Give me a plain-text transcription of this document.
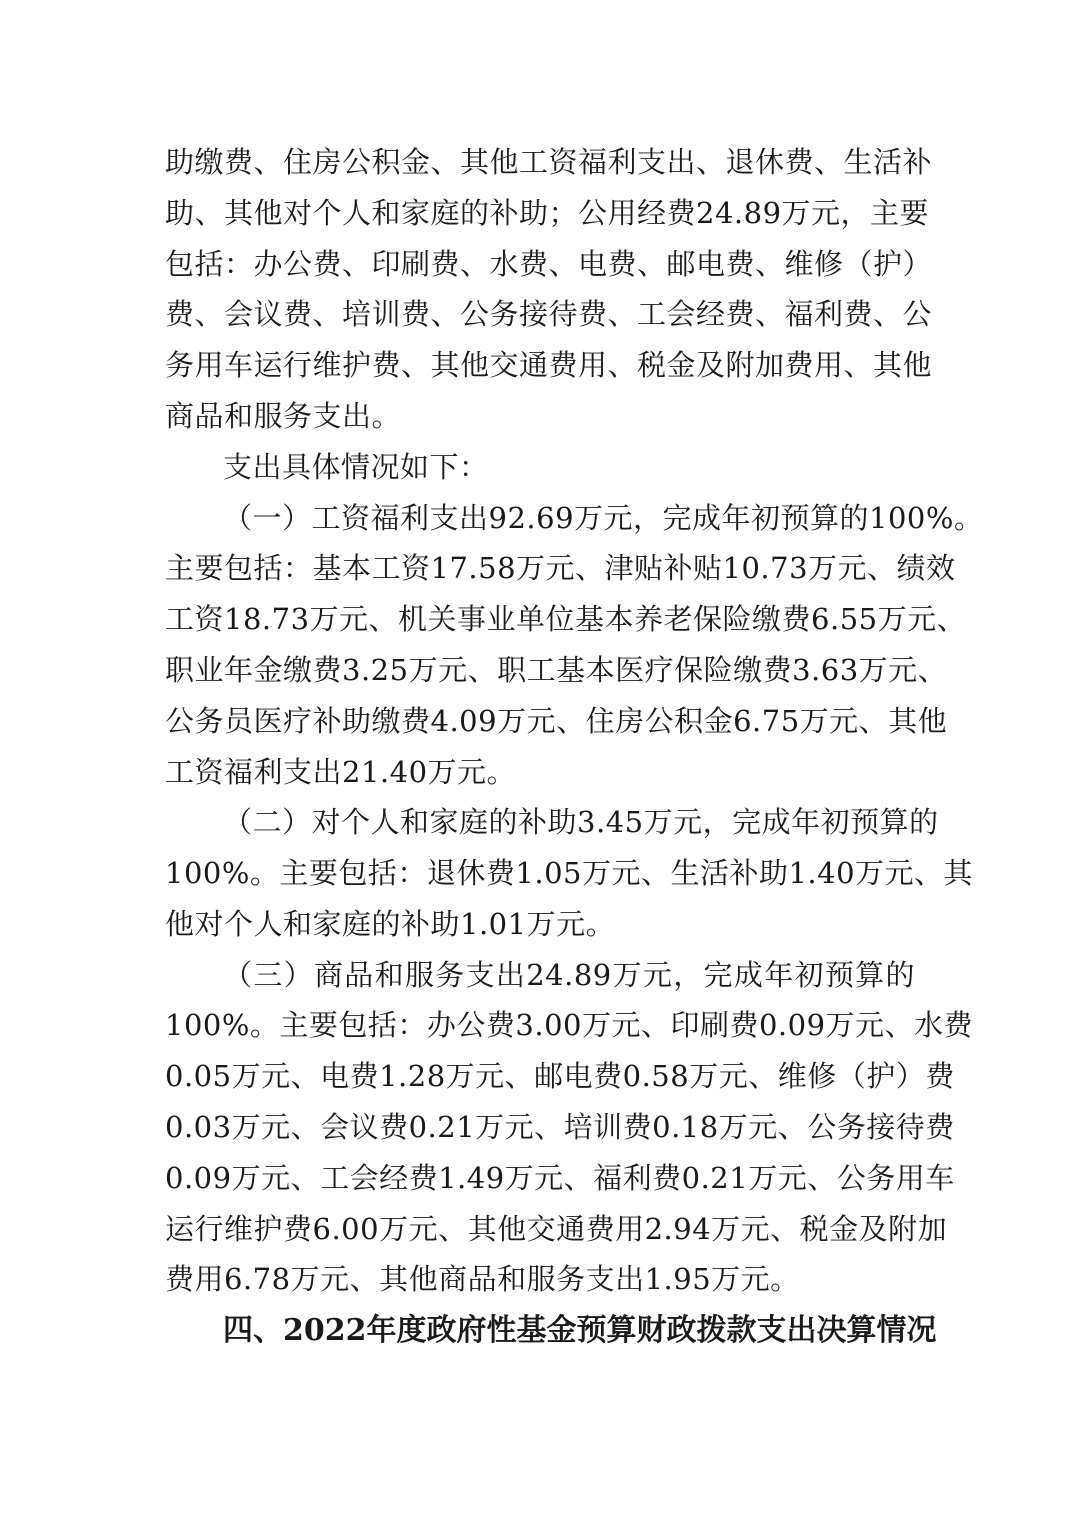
助缴费、住房公积金、其他工资福利支出、退休费、生活补
助、其他对个人和家庭的补助；公用经费24.89万元，主要
包括：办公费、印刷费、水费、电费、邮电费、维修（护）
费、会议费、培训费、公务接待费、工会经费、福利费、公
务用车运行维护费、其他交通费用、税金及附加费用、其他
商品和服务支出。
支出具体情况如下：
（一）工资福利支出92.69万元，完成年初预算的100%。
主要包括：基本工资17.58万元、津贴补贴10.73万元、绩效
工资18.73万元、机关事业单位基本养老保险缴费6.55万元、
职业年金缴费3.25万元、职工基本医疗保险缴费3.63万元、
公务员医疗补助缴费4.09万元、住房公积金6.75万元、其他
工资福利支出21.40万元。
（二）对个人和家庭的补助3.45万元，完成年初预算的
100%。主要包括：退休费1.05万元、生活补助1.40万元、其
他对个人和家庭的补助1.01万元。
（三）商品和服务支出24.89万元，完成年初预算的
100%。主要包括：办公费3.00万元、印刷费0.09万元、水费
0.05万元、电费1.28万元、邮电费0.58万元、维修（护）费
0.03万元、会议费0.21万元、培训费0.18万元、公务接待费
0.09万元、工会经费1.49万元、福利费0.21万元、公务用车
运行维护费6.00万元、其他交通费用2.94万元、税金及附加
费用6.78万元、其他商品和服务支出1.95万元。
四、2022年度政府性基金预算财政拨款支出决算情况
